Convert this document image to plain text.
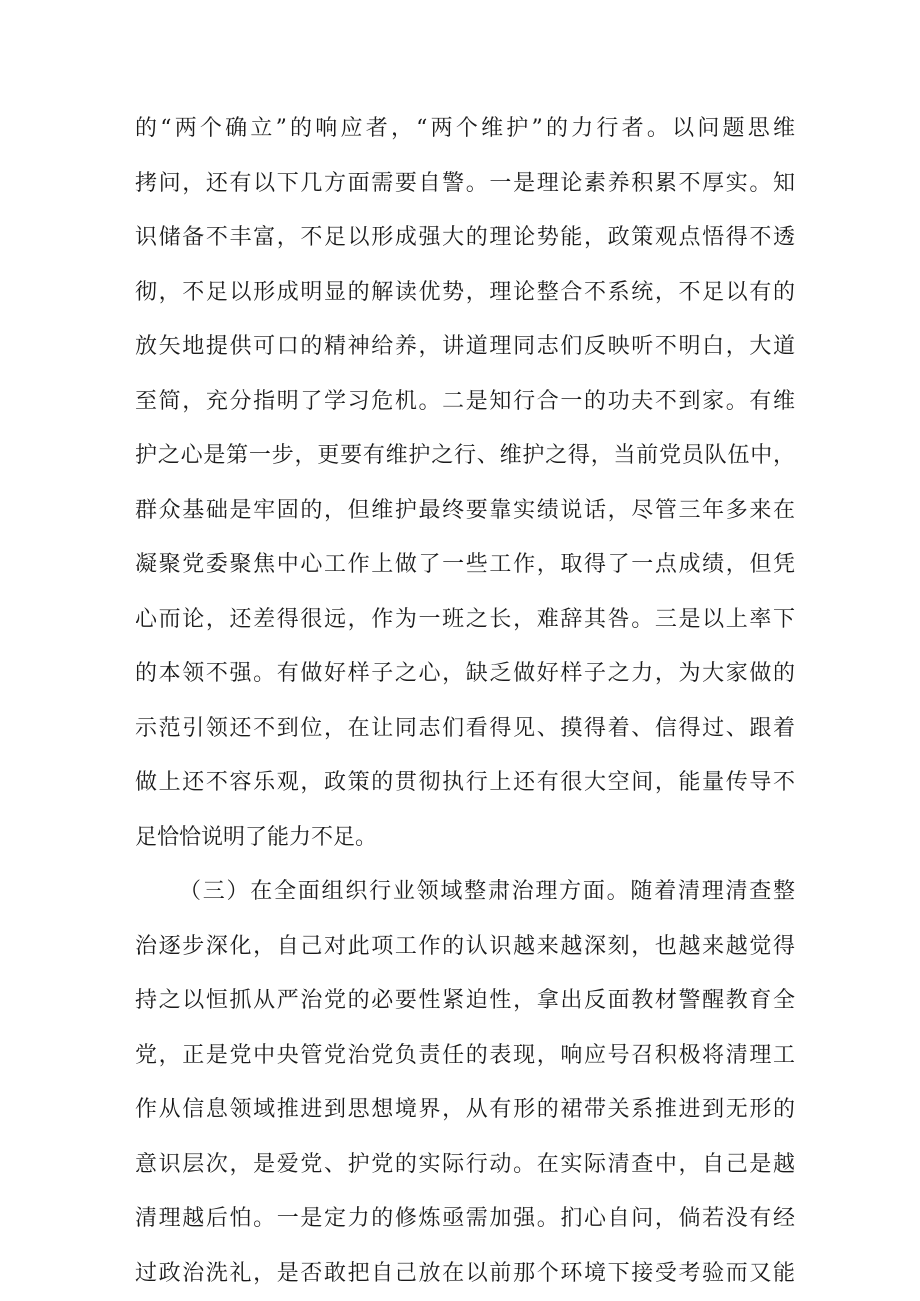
的“两个确立”的响应者，“两个维护”的力行者。以问题思维
拷问，还有以下几方面需要自警。一是理论素养积累不厚实。知
识储备不丰富，不足以形成强大的理论势能，政策观点悟得不透
彻，不足以形成明显的解读优势，理论整合不系统，不足以有的
放矢地提供可口的精神给养，讲道理同志们反映听不明白，大道
至简，充分指明了学习危机。二是知行合一的功夫不到家。有维
护之心是第一步，更要有维护之行、维护之得，当前党员队伍中，
群众基础是牢固的，但维护最终要靠实绩说话，尽管三年多来在
凝聚党委聚焦中心工作上做了一些工作，取得了一点成绩，但凭
心而论，还差得很远，作为一班之长，难辞其咎。三是以上率下
的本领不强。有做好样子之心，缺乏做好样子之力，为大家做的
示范引领还不到位，在让同志们看得见、摸得着、信得过、跟着
做上还不容乐观，政策的贯彻执行上还有很大空间，能量传导不
足恰恰说明了能力不足。
（三）在全面组织行业领域整肃治理方面。随着清理清查整
治逐步深化，自己对此项工作的认识越来越深刻，也越来越觉得
持之以恒抓从严治党的必要性紧迫性，拿出反面教材警醒教育全
党，正是党中央管党治党负责任的表现，响应号召积极将清理工
作从信息领域推进到思想境界，从有形的裙带关系推进到无形的
意识层次，是爱党、护党的实际行动。在实际清查中，自己是越
清理越后怕。一是定力的修炼亟需加强。扪心自问，倘若没有经
过政治洗礼，是否敢把自己放在以前那个环境下接受考验而又能
